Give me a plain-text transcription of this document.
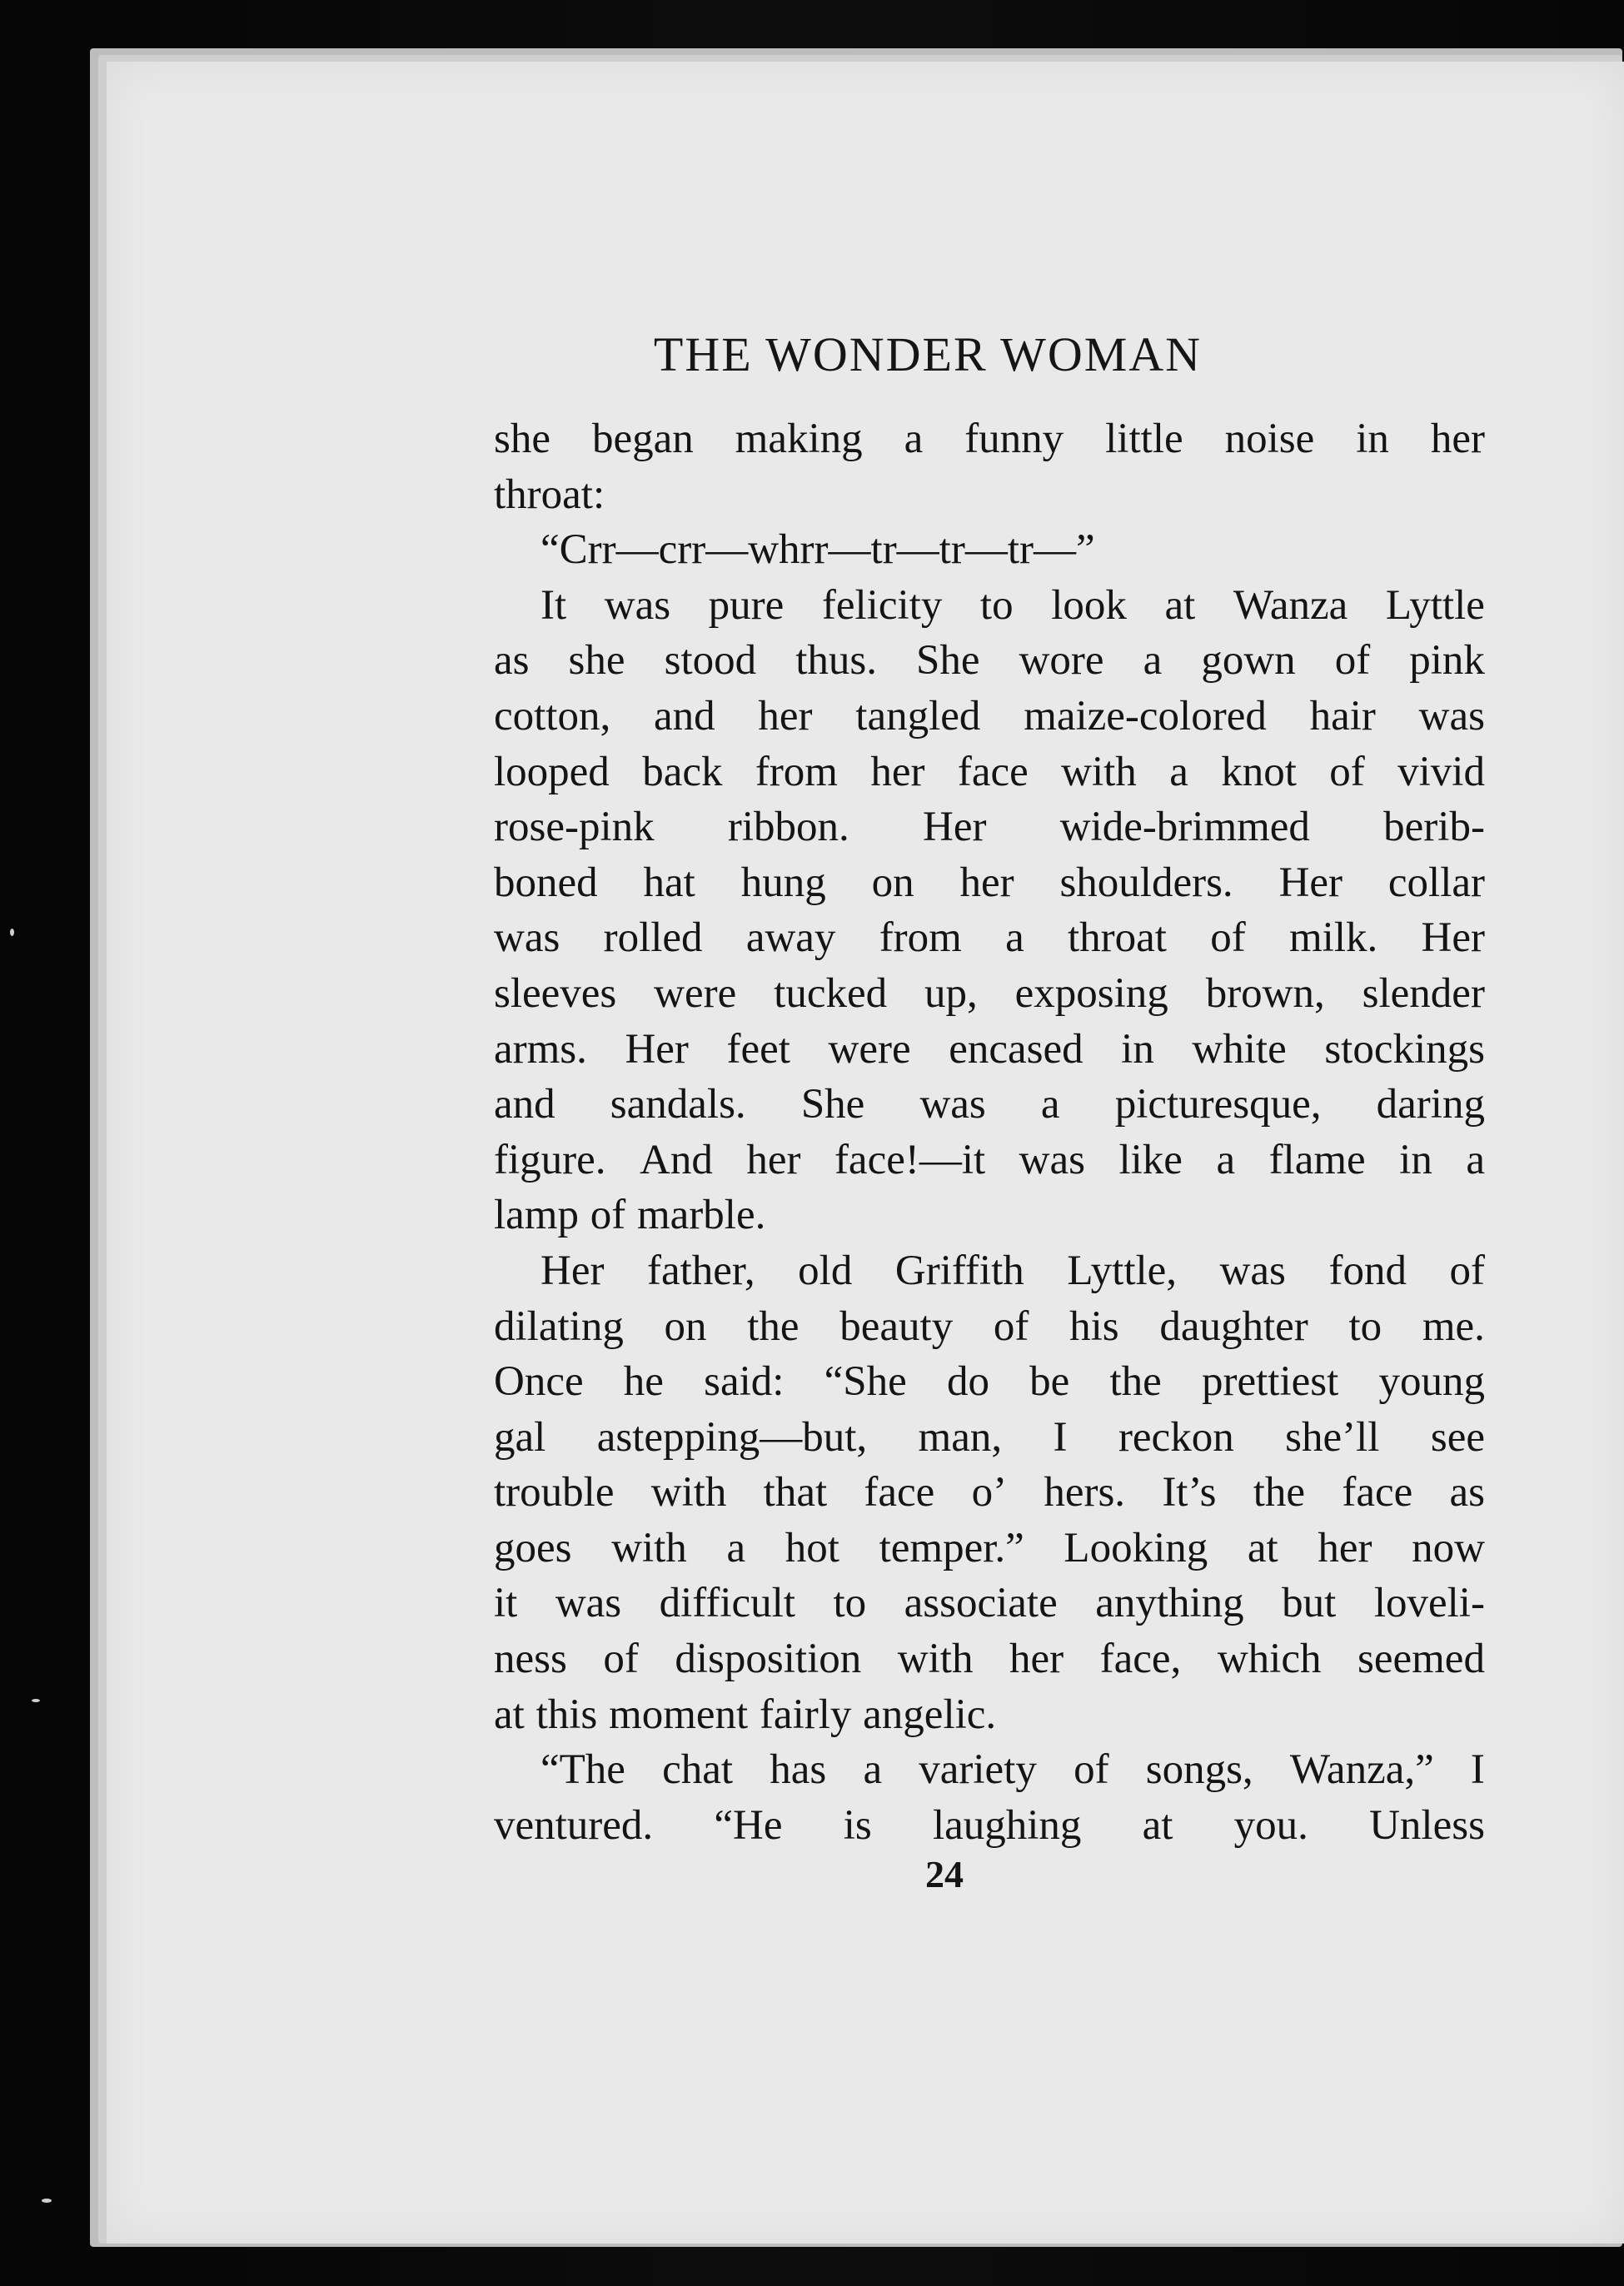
THE WONDER WOMAN
she began making a funny little noise in her
throat:
“Crr—crr—whrr—tr—tr—tr—”
It was pure felicity to look at Wanza Lyttle
as she stood thus. She wore a gown of pink
cotton, and her tangled maize-colored hair was
looped back from her face with a knot of vivid
rose-pink ribbon. Her wide-brimmed berib-
boned hat hung on her shoulders. Her collar
was rolled away from a throat of milk. Her
sleeves were tucked up, exposing brown, slender
arms. Her feet were encased in white stockings
and sandals. She was a picturesque, daring
figure. And her face!—it was like a flame in a
lamp of marble.
Her father, old Griffith Lyttle, was fond of
dilating on the beauty of his daughter to me.
Once he said: “She do be the prettiest young
gal astepping—but, man, I reckon she’ll see
trouble with that face o’ hers. It’s the face as
goes with a hot temper.” Looking at her now
it was difficult to associate anything but loveli-
ness of disposition with her face, which seemed
at this moment fairly angelic.
“The chat has a variety of songs, Wanza,” I
ventured. “He is laughing at you. Unless
24
